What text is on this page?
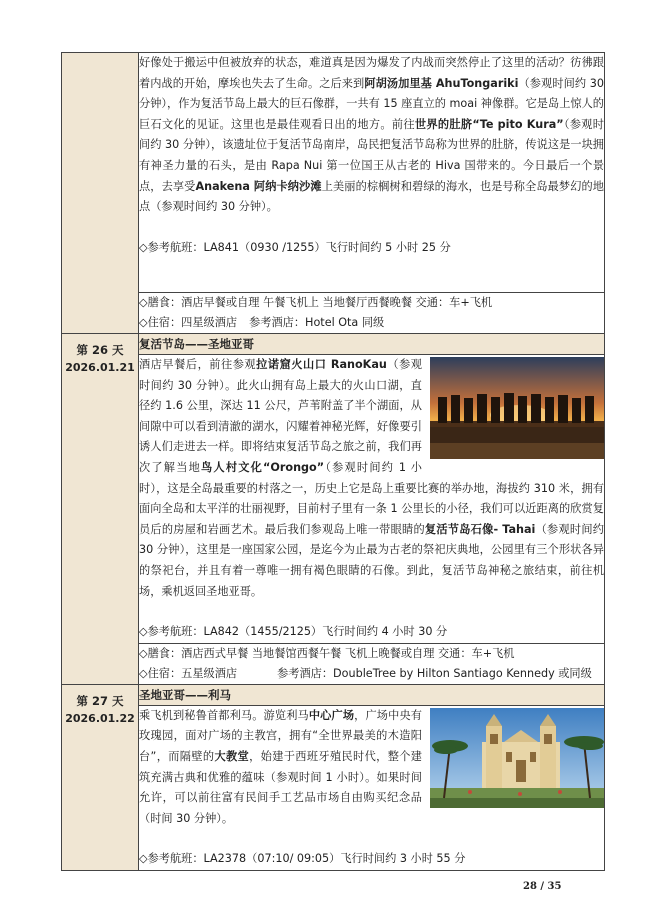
	好像处于搬运中但被放弃的状态，难道真是因为爆发了内战而突然停止了这里的活动？彷彿跟着内战的开始，摩埃也失去了生命。之后来到阿胡汤加里基 AhuTongariki（参观时间约 30 分钟），作为复活节岛上最大的巨石像群，一共有 15 座直立的 moai 神像群。它是岛上惊人的巨石文化的见证。这里也是最佳观看日出的地方。前往世界的肚脐“Te pito Kura”（参观时间约 30 分钟），该遗址位于复活节岛南岸，岛民把复活节岛称为世界的肚脐，传说这是一块拥有神圣力量的石头，是由 Rapa Nui 第一位国王从古老的 Hiva 国带来的。今日最后一个景点，去享受Anakena 阿纳卡纳沙滩上美丽的棕榈树和碧绿的海水，也是号称全岛最梦幻的地点（参观时间约 30 分钟）。

◇参考航班：LA841（0930 /1255）飞行时间约 5 小时 25 分

	◇膳食：酒店早餐或自理 午餐飞机上 当地餐厅西餐晚餐 交通：车+飞机
◇住宿：四星级酒店 参考酒店：Hotel Ota 同级

第 26 天
2026.01.21	复活节岛——圣地亚哥

	酒店早餐后，前往参观拉诺窟火山口 RanoKau（参观时间约 30 分钟）。此火山拥有岛上最大的火山口湖，直径约 1.6 公里，深达 11 公尺，芦苇附盖了半个湖面，从间隙中可以看到清澈的湖水，闪耀着神秘光辉，好像要引诱人们走进去一样。即将结束复活节岛之旅之前，我们再次了解当地鸟人村文化“Orongo”（参观时间约 1 小时），这是全岛最重要的村落之一，历史上它是岛上重要比赛的举办地，海拔约 310 米，拥有面向全岛和太平洋的壮丽视野，目前村子里有一条 1 公里长的小径，我们可以近距离的欣赏复员后的房屋和岩画艺术。最后我们参观岛上唯一带眼睛的复活节岛石像- Tahai（参观时间约 30 分钟），这里是一座国家公园，是迄今为止最为古老的祭祀庆典地，公园里有三个形状各异的祭祀台，并且有着一尊唯一拥有褐色眼睛的石像。到此，复活节岛神秘之旅结束，前往机场，乘机返回圣地亚哥。

◇参考航班：LA842（1455/2125）飞行时间约 4 小时 30 分

	◇膳食：酒店西式早餐 当地餐馆西餐午餐 飞机上晚餐或自理 交通：车+飞机
◇住宿：五星级酒店 参考酒店：DoubleTree by Hilton Santiago Kennedy 或同级

第 27 天
2026.01.22	圣地亚哥——利马

	乘飞机到秘鲁首都利马。游览利马中心广场，广场中央有玫瑰园，面对广场的主教宫，拥有“全世界最美的木造阳台”，而隔壁的大教堂，始建于西班牙殖民时代，整个建筑充满古典和优雅的蕴味（参观时间 1 小时）。如果时间允许，可以前往富有民间手工艺品市场自由购买纪念品（时间 30 分钟）。

◇参考航班：LA2378（07:10/ 09:05）飞行时间约 3 小时 55 分
28 / 35
